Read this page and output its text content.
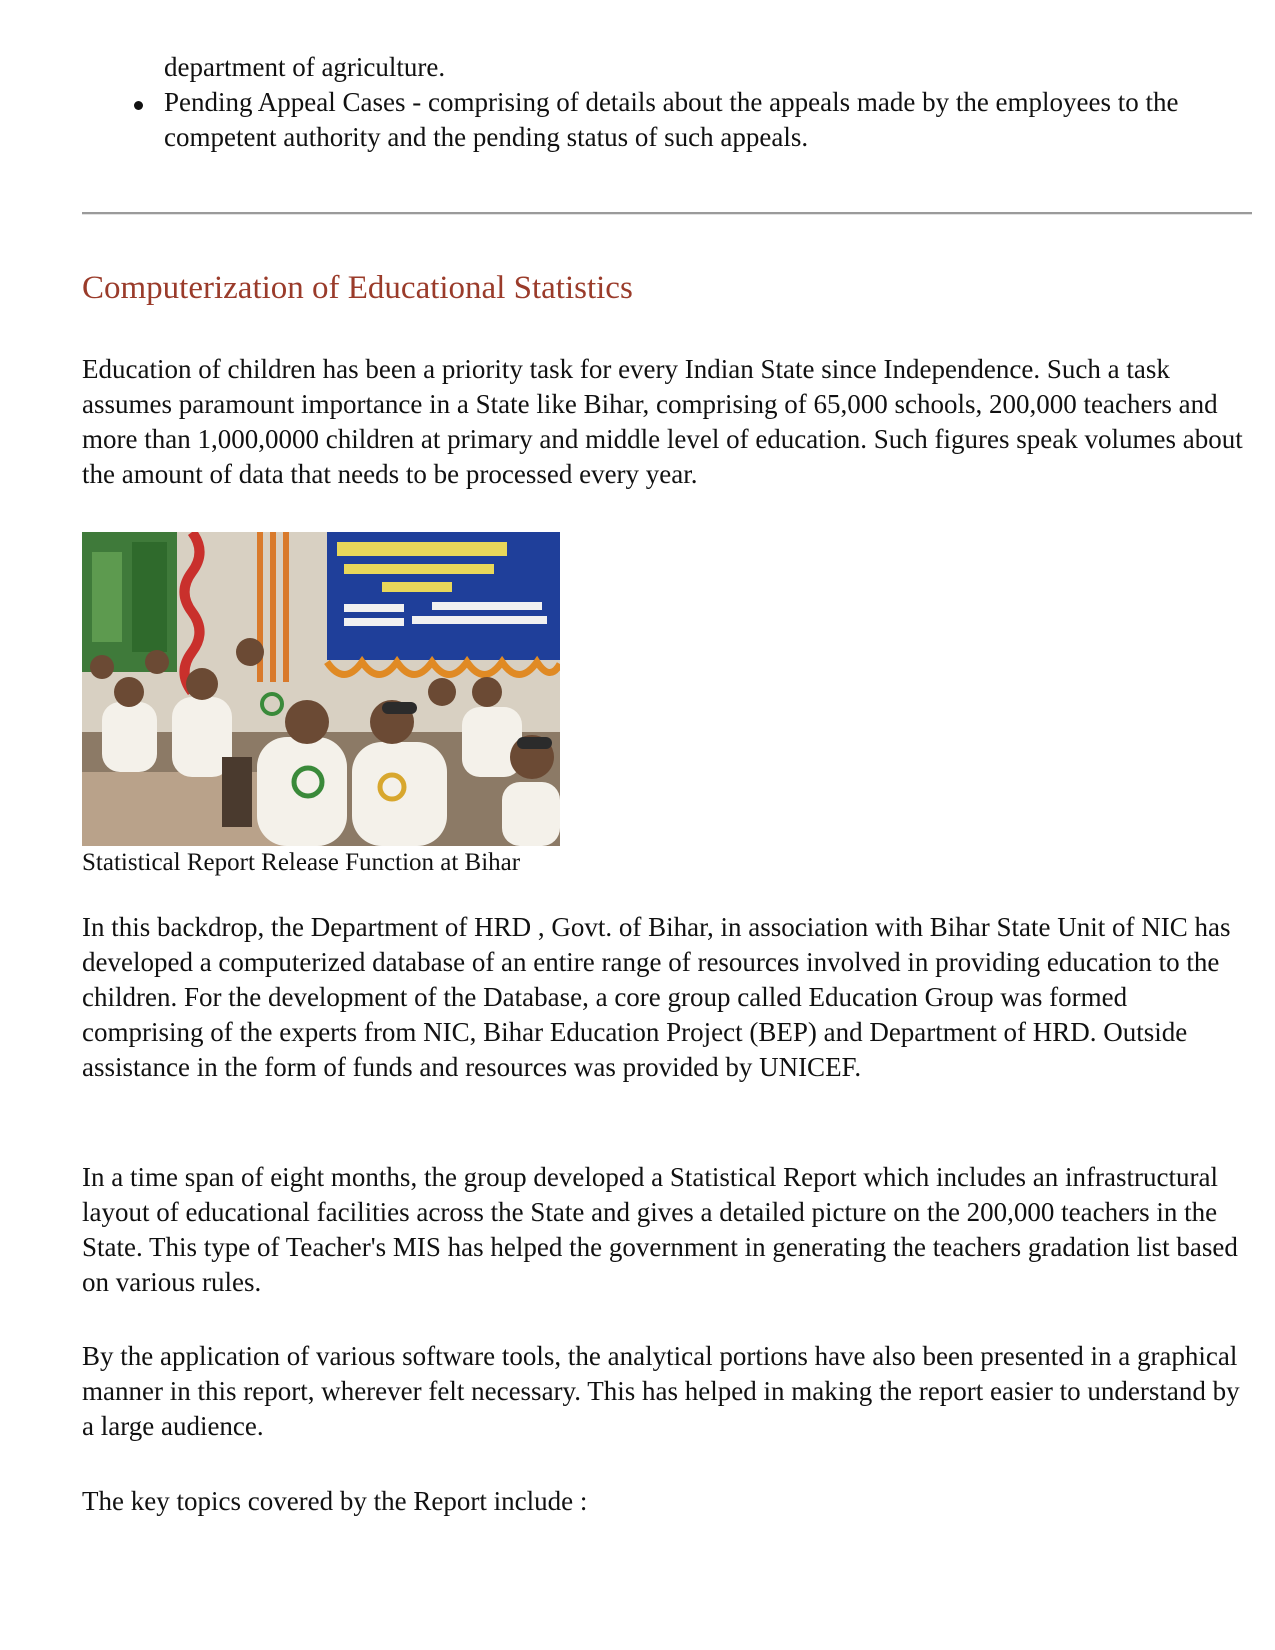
department of agriculture.

Pending Appeal Cases - comprising of details about the appeals made by the employees to the competent authority and the pending status of such appeals.

Computerization of Educational Statistics

Education of children has been a priority task for every Indian State since Independence. Such a task assumes paramount importance in a State like Bihar, comprising of 65,000 schools, 200,000 teachers and more than 1,000,0000 children at primary and middle level of education. Such figures speak volumes about the amount of data that needs to be processed every year.

Statistical Report Release Function at Bihar

In this backdrop, the Department of HRD , Govt. of Bihar, in association with Bihar State Unit of NIC has developed a computerized database of an entire range of resources involved in providing education to the children. For the development of the Database, a core group called Education Group was formed comprising of the experts from NIC, Bihar Education Project (BEP) and Department of HRD. Outside assistance in the form of funds and resources was provided by UNICEF.

In a time span of eight months, the group developed a Statistical Report which includes an infrastructural layout of educational facilities across the State and gives a detailed picture on the 200,000 teachers in the State. This type of Teacher's MIS has helped the government in generating the teachers gradation list based on various rules.

By the application of various software tools, the analytical portions have also been presented in a graphical manner in this report, wherever felt necessary. This has helped in making the report easier to understand by a large audience.

The key topics covered by the Report include :
